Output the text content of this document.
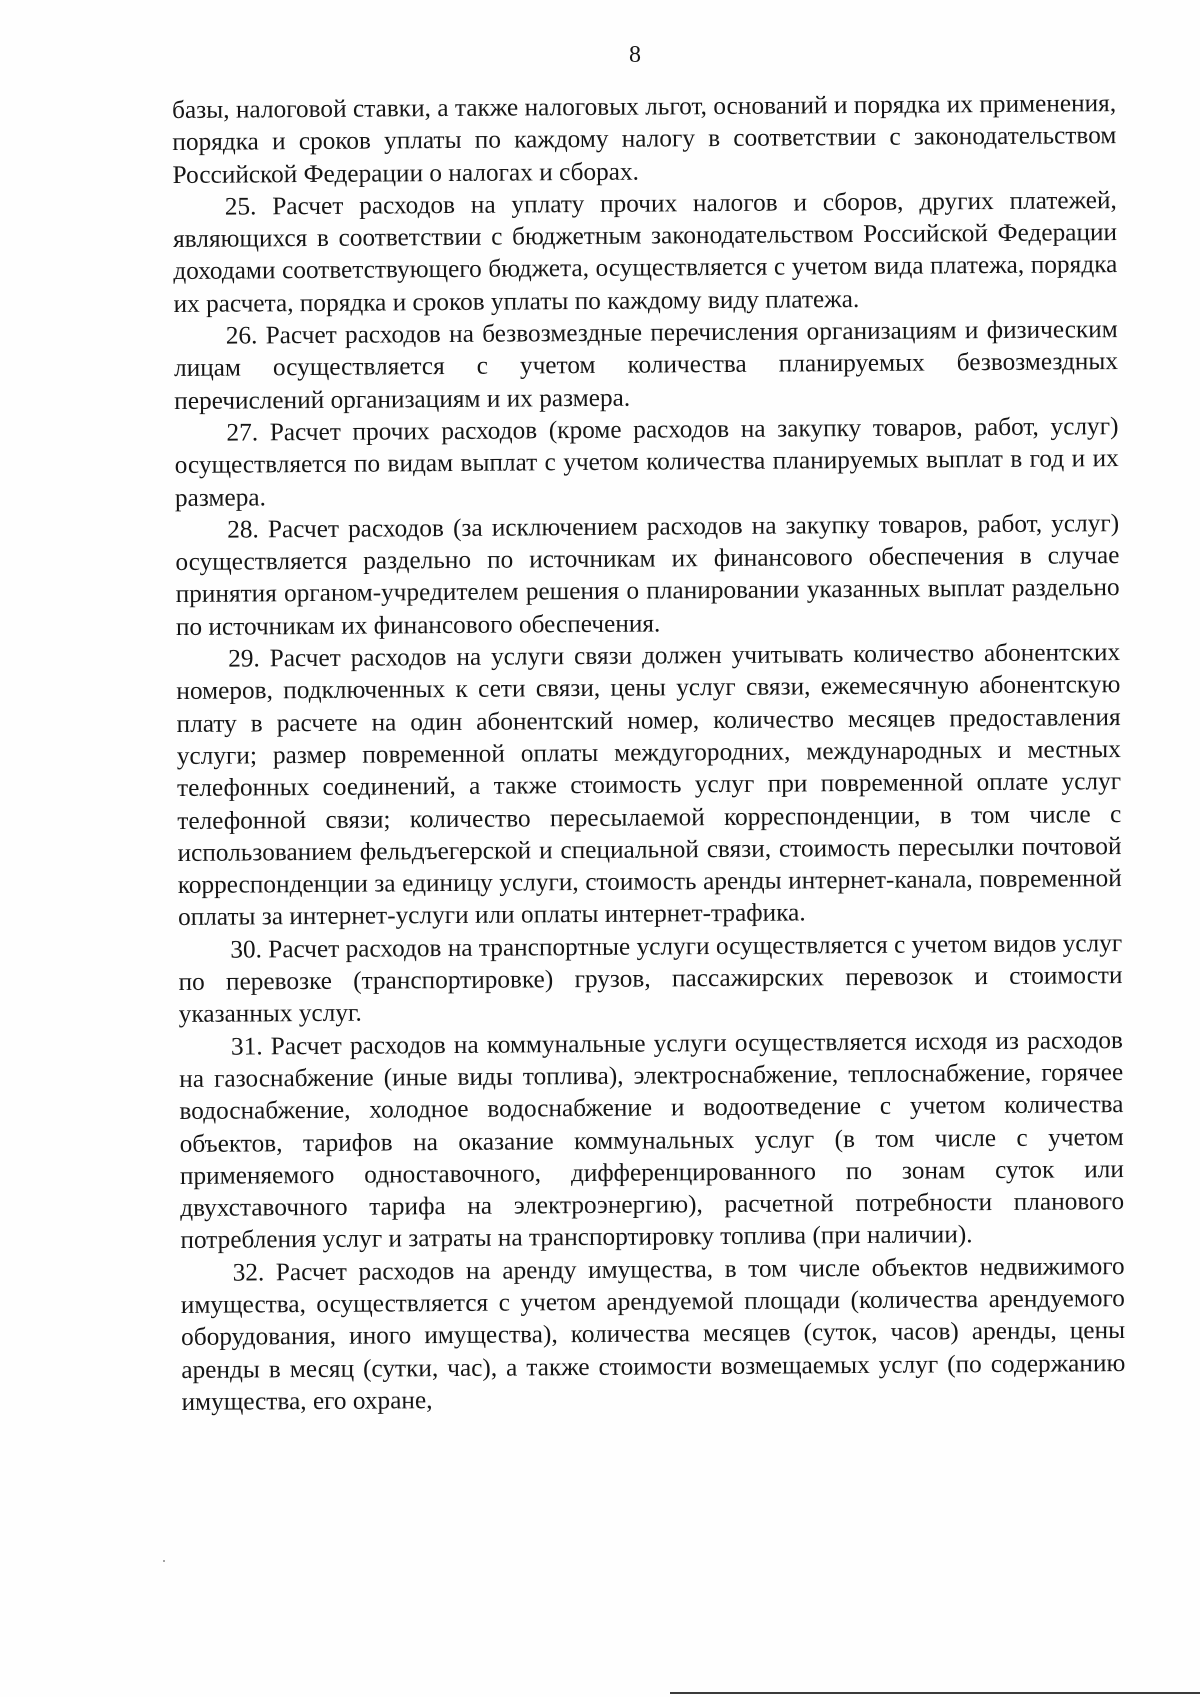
8

базы, налоговой ставки, а также налоговых льгот, оснований и порядка их применения, порядка и сроков уплаты по каждому налогу в соответствии с законодательством Российской Федерации о налогах и сборах.

25. Расчет расходов на уплату прочих налогов и сборов, других платежей, являющихся в соответствии с бюджетным законодательством Российской Федерации доходами соответствующего бюджета, осуществляется с учетом вида платежа, порядка их расчета, порядка и сроков уплаты по каждому виду платежа.

26. Расчет расходов на безвозмездные перечисления организациям и физическим лицам осуществляется с учетом количества планируемых безвозмездных перечислений организациям и их размера.

27. Расчет прочих расходов (кроме расходов на закупку товаров, работ, услуг) осуществляется по видам выплат с учетом количества планируемых выплат в год и их размера.

28. Расчет расходов (за исключением расходов на закупку товаров, работ, услуг) осуществляется раздельно по источникам их финансового обеспечения в случае принятия органом-учредителем решения о планировании указанных выплат раздельно по источникам их финансового обеспечения.

29. Расчет расходов на услуги связи должен учитывать количество абонентских номеров, подключенных к сети связи, цены услуг связи, ежемесячную абонентскую плату в расчете на один абонентский номер, количество месяцев предоставления услуги; размер повременной оплаты междугородних, международных и местных телефонных соединений, а также стоимость услуг при повременной оплате услуг телефонной связи; количество пересылаемой корреспонденции, в том числе с использованием фельдъегерской и специальной связи, стоимость пересылки почтовой корреспонденции за единицу услуги, стоимость аренды интернет-канала, повременной оплаты за интернет-услуги или оплаты интернет-трафика.

30. Расчет расходов на транспортные услуги осуществляется с учетом видов услуг по перевозке (транспортировке) грузов, пассажирских перевозок и стоимости указанных услуг.

31. Расчет расходов на коммунальные услуги осуществляется исходя из расходов на газоснабжение (иные виды топлива), электроснабжение, теплоснабжение, горячее водоснабжение, холодное водоснабжение и водоотведение с учетом количества объектов, тарифов на оказание коммунальных услуг (в том числе с учетом применяемого одноставочного, дифференцированного по зонам суток или двухставочного тарифа на электроэнергию), расчетной потребности планового потребления услуг и затраты на транспортировку топлива (при наличии).

32. Расчет расходов на аренду имущества, в том числе объектов недвижимого имущества, осуществляется с учетом арендуемой площади (количества арендуемого оборудования, иного имущества), количества месяцев (суток, часов) аренды, цены аренды в месяц (сутки, час), а также стоимости возмещаемых услуг (по содержанию имущества, его охране,
